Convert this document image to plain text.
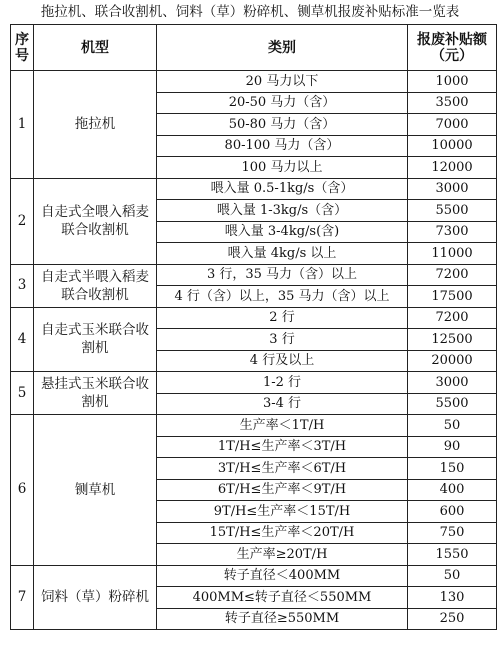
拖拉机、联合收割机、饲料（草）粉碎机、铡草机报废补贴标准一览表
序号	机型	类别	报废补贴额（元）
1	拖拉机	20 马力以下	1000
		20-50 马力（含）	3500
		50-80 马力（含）	7000
		80-100 马力（含）	10000
		100 马力以上	12000
2	自走式全喂入稻麦联合收割机	喂入量 0.5-1kg/s（含）	3000
		喂入量 1-3kg/s（含）	5500
		喂入量 3-4kg/s(含)	7300
		喂入量 4kg/s 以上	11000
3	自走式半喂入稻麦联合收割机	3 行，35 马力（含）以上	7200
		4 行（含）以上，35 马力（含）以上	17500
4	自走式玉米联合收割机	2 行	7200
		3 行	12500
		4 行及以上	20000
5	悬挂式玉米联合收割机	1-2 行	3000
		3-4 行	5500
6	铡草机	生产率＜1T/H	50
		1T/H≤生产率＜3T/H	90
		3T/H≤生产率＜6T/H	150
		6T/H≤生产率＜9T/H	400
		9T/H≤生产率＜15T/H	600
		15T/H≤生产率＜20T/H	750
		生产率≥20T/H	1550
7	饲料（草）粉碎机	转子直径＜400MM	50
		400MM≤转子直径＜550MM	130
		转子直径≥550MM	250
